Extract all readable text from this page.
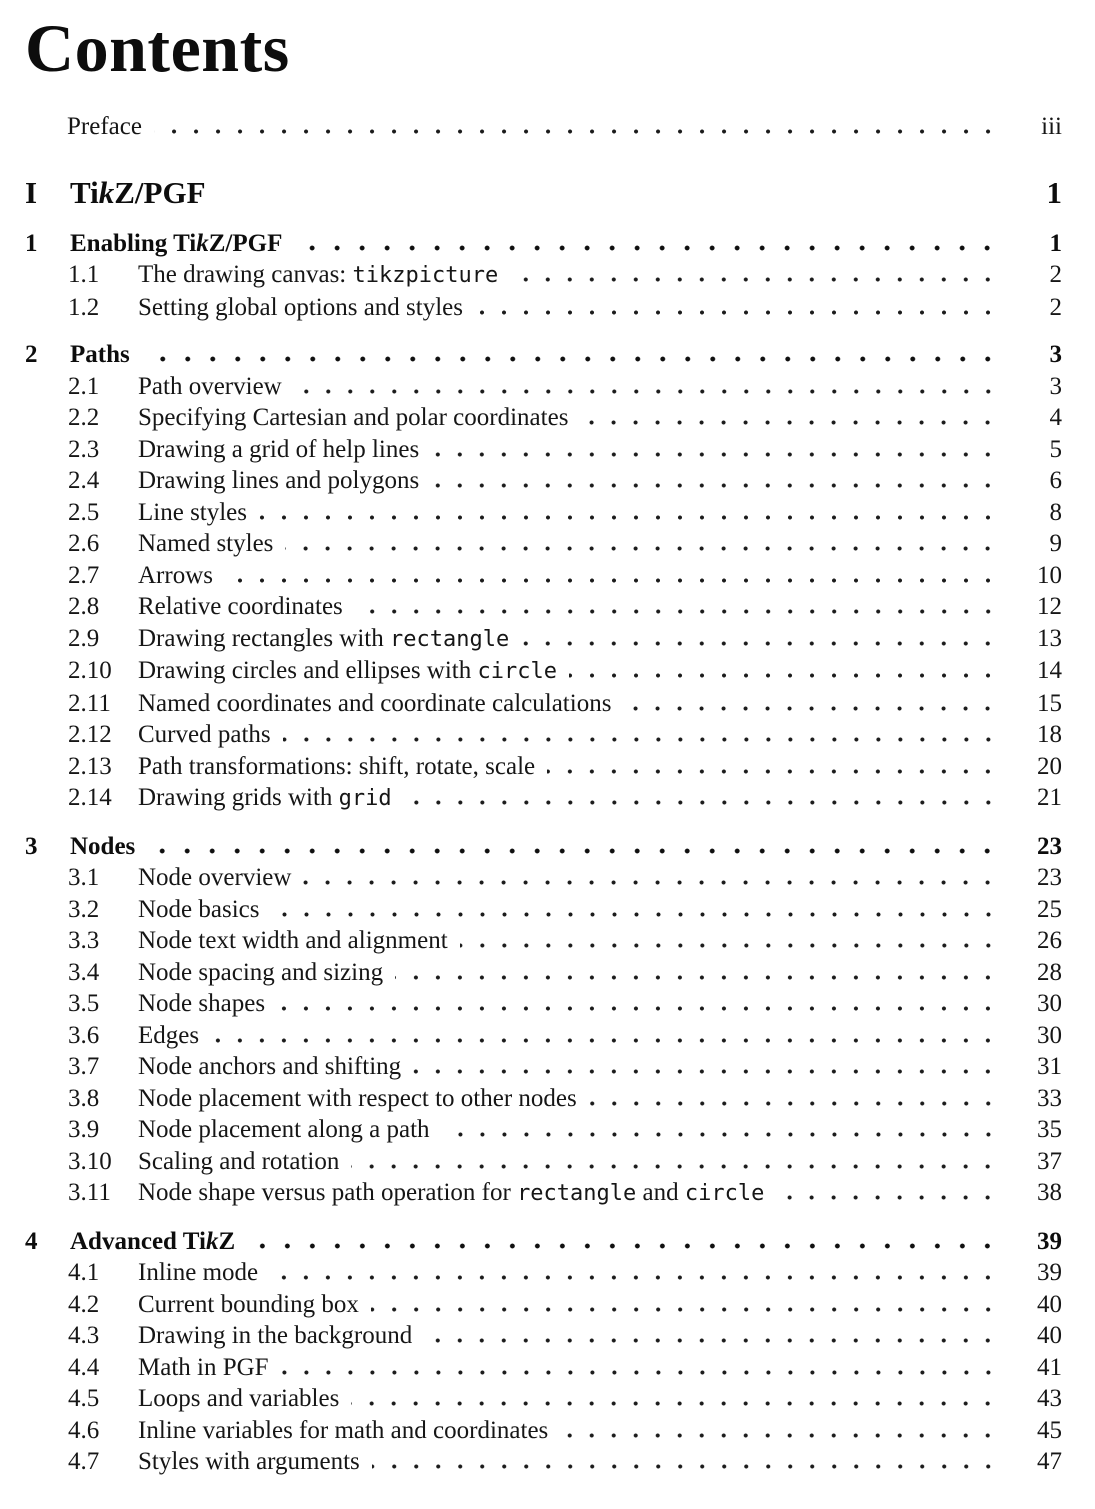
Contents
Preface	iii
I	TikZ/PGF	1
1	Enabling TikZ/PGF	1
1.1	The drawing canvas: tikzpicture	2
1.2	Setting global options and styles	2
2	Paths	3
2.1	Path overview	3
2.2	Specifying Cartesian and polar coordinates	4
2.3	Drawing a grid of help lines	5
2.4	Drawing lines and polygons	6
2.5	Line styles	8
2.6	Named styles	9
2.7	Arrows	10
2.8	Relative coordinates	12
2.9	Drawing rectangles with rectangle	13
2.10	Drawing circles and ellipses with circle	14
2.11	Named coordinates and coordinate calculations	15
2.12	Curved paths	18
2.13	Path transformations: shift, rotate, scale	20
2.14	Drawing grids with grid	21
3	Nodes	23
3.1	Node overview	23
3.2	Node basics	25
3.3	Node text width and alignment	26
3.4	Node spacing and sizing	28
3.5	Node shapes	30
3.6	Edges	30
3.7	Node anchors and shifting	31
3.8	Node placement with respect to other nodes	33
3.9	Node placement along a path	35
3.10	Scaling and rotation	37
3.11	Node shape versus path operation for rectangle and circle	38
4	Advanced TikZ	39
4.1	Inline mode	39
4.2	Current bounding box	40
4.3	Drawing in the background	40
4.4	Math in PGF	41
4.5	Loops and variables	43
4.6	Inline variables for math and coordinates	45
4.7	Styles with arguments	47
